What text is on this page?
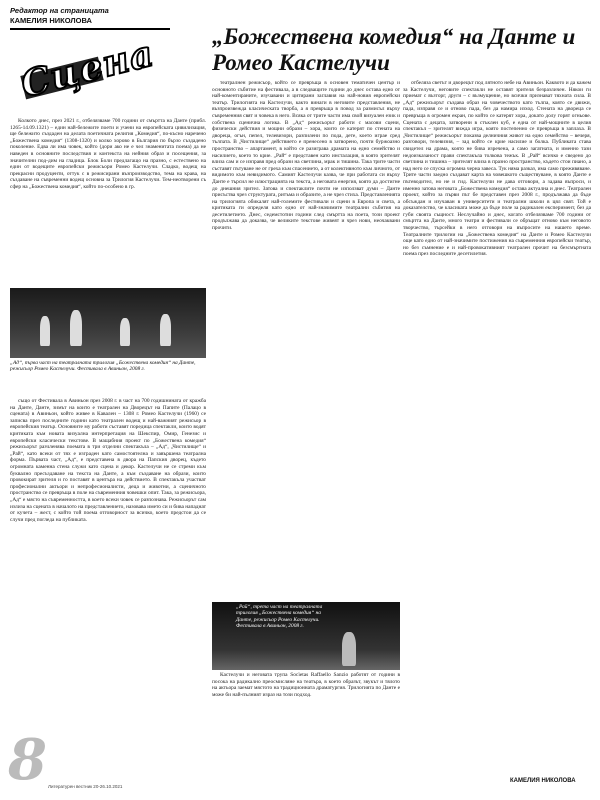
Редактор на страницата
КАМЕЛИЯ НИКОЛОВА
Сцена „Божествена комедия“ на Данте и Ромео Кастелучи

Колкото днес, през 2021 г., отбелязваме 700 години от смъртта на Данте (прибл. 1265-14.09.1321) – един най-бележите поети и учени на европейската цивилизация, ще бележито създаден на делата поетичната религия „Комедия“, по-късно наречено „Божествена комедия“ (1308-1320) и колко хорово в България по бързо създадено поколение. Едва ли има човек, който (дори ако не е чел знаменитата поема) да не наведен в основните последствия и контекста на нейния образ и посещения, за значителни под-дим на гладица. Блок Боли предлагащо на празно, с естествено на един от водещите европейски режисьори Ромео Кастелучи. Сладко, водещ на прекрасни продуценти, оттук с в режисирани възпроизводство, тема на крава, на създаване на съвременни водещ основна за Трилогия Кастелучи. Тем-неотворени съ сфер на „Божествена комедия“, който по-особено в гр.

„Ад“, първа част на театралната трилогия „Божествена комедия“ на Данте, режисьор Ромео Кастелучи. Фестивала в Авиньон, 2008 г.

също от Фестивала в Авиньон през 2008 г. в част на 700 годишнината от кражба на Данте, Данте, зимът на които е театрален на Дворецът на Папите (Палацо в сцената) в Авиньон, който живее в Кавален – 1308 г. Ромео Кастелучи (1960) се записва през последните години като театрален водещ и най-важният режисьор в европейския театър. Основните му работи съставят поредица спектакли, които водят критиката към новата визуална интерпретация на Шекспир, Омир, Генезис и европейски класически текстове. В мащабния проект по „Божествена комедия“ режисьорът разчленява поемата в три отделни спектакъла – „Ад“, „Чистилище“ и „Рай“, като всеки от тях е изграден като самостоятелна и завършена театрална форма. Първата част, „Ад“, е представена в двора на Папския дворец, където огромната каменна стена служи като сцена и декор. Кастелучи не се стреми към буквално пресъздаване на текста на Данте, а към създаване на образи, които провокират зрителя и го поставят в центъра на действието. В спектакъла участват професионални актьори и непрофесионалисти, деца и животни, а сценичното пространство се превръща в поле на съвременния човешки опит. Така, за режисьора, „Ад“ е място на съвременността, в което всеки човек се разпознава. Режисьорът сам излиза на сцената в началото на представлението, назовава името си и бива нападнат от кучета – жест, с който той поема отговорност за всичко, което предстои да се случи пред погледа на публиката.

театралнен режисьор, който се превръща в основен тематичен център и основното събитие на фестивала, а в следващите години до днес остава едно от най-коментираните, изучавани и цитирани заглавия на най-новия европейски театър. Трилогията на Кастелучи, както винаги в неговите представления, не възпроизвежда класическата творба, а я превръща в повод за размисъл върху съвременния свят и човека в него. Всяка от трите части има свой визуален език и собствена сценична логика. В „Ад“ режисьорът работи с масови сцени, физически действия и мощни образи – хора, които се катерят по стената на двореца, огън, пепел, телевизори, разпилени по пода, дете, което играе сред тълпата. В „Чистилище“ действието е пренесено в затворено, почти буржоазно пространство – апартамент, в който се разиграва драмата на едно семейство и насилието, което то крие. „Рай“ е представен като инсталация, в която зрителят влиза сам и се изправя пред образи на светлина, мрак и тишина. Така трите части съставят пътуване не от греха към спасението, а от колективното към личното, от видимото към невидимото. Самият Кастелучи казва, че при работата си върху Данте е търсил не илюстрацията на текста, а неговата енергия, която да достигне до днешния зрител. Затова и спектаклите почти не използват думи – Данте присъства чрез структурата, ритъма и образите, а не чрез стиха. Представленията на трилогията обикалят най-големите фестивали и сцени в Европа и света, а критиката ги определя като едно от най-значимите театрални събития на десетилетието. Днес, седемстотин години след смъртта на поета, този проект продължава да доказва, че великите текстове живеят и чрез нови, неочаквани прочити.

„Рай“, трета част на театралната трилогия „Божествена комедия“ на Данте, режисьор Ромео Кастелучи. Фестивала в Авиньон, 2008 г.

Кастелучи и неговата трупа Socìetas Raffaello Sanzio работят от години в посока на радикално преосмисляне на театъра, в което образът, звукът и тялото на актьора заемат мястото на традиционната драматургия. Трилогията по Данте е може би най-пълният израз на този подход.

отбеляза светът и дворецът под лятното небе на Авиньон. Каквото и да кажем за Кастелучи, неговите спектакли не оставят зрителя безразличен. Някои ги приемат с възторг, други – с възмущение, но всички признават тяхната сила. В „Ад“ режисьорът създава образ на човечеството като тълпа, която се движи, пада, изправя се и отново пада, без да намира изход. Стената на двореца се превръща в огромен екран, по който се катерят хора, докато долу горят огньове. Сцената с децата, затворени в стъклен куб, е една от най-мощните в целия спектакъл – зрителят вижда игра, която постепенно се превръща в заплаха. В „Чистилище“ режисьорът показва делничния живот на едно семейство – вечеря, разговори, телевизия, – зад който се крие насилие и болка. Публиката става свидетел на драма, която не бива изречена, а само загатната, и именно тази недоизказаност прави спектакъла толкова тежък. В „Рай“ всичко е сведено до светлина и тишина – зрителят влиза в празно пространство, където стои пиано, а над него се спуска огромна черна завеса. Тук няма разказ, има само преживяване. Трите части заедно създават карта на човешкото съществуване, в която Данте е пътеводител, но не и гид. Кастелучи не дава отговори, а задава въпроси, и именно затова неговата „Божествена комедия“ остава актуална и днес. Театрален проект, който за първи път бе представен през 2008 г., продължава да бъде обсъждан и изучаван в университети и театрални школи в цял свят. Той е доказателство, че класиката може да бъде поле за радикален експеримент, без да губи своята същност. Неслучайно и днес, когато отбелязваме 700 години от смъртта на Данте, много театри и фестивали се обръщат отново към неговото творчество, търсейки в него отговори на въпросите на нашето време. Театралните трилогии на „Божествена комедия“ на Данте и Ромео Кастелучи още като едно от най-значимите постижения на съвременния европейски театър, но без съмнение е и най-провокативният театрален прочит на безсмъртната поема през последните десетилетия.

8 Литературен вестник 20-26.10.2021
КАМЕЛИЯ НИКОЛОВА
